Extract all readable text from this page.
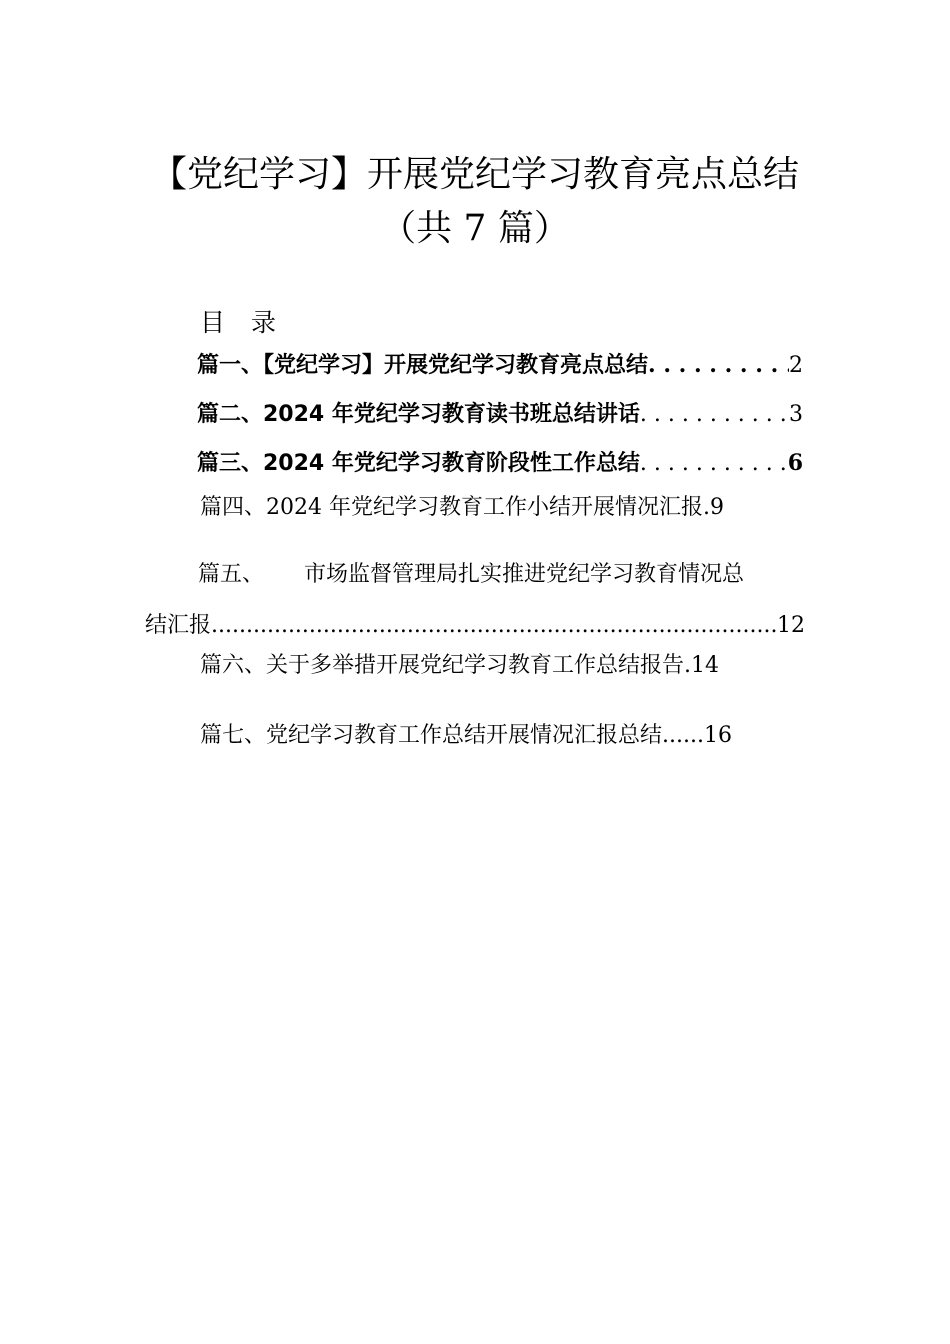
【党纪学习】开展党纪学习教育亮点总结
（共 7 篇）
目录
篇一、【党纪学习】开展党纪学习教育亮点总结 . .	2
篇二、2024 年党纪学习教育读书班总结讲话 . .	3
篇三、2024 年党纪学习教育阶段性工作总结 . .	6
篇四、2024 年党纪学习教育工作小结开展情况汇报 .9
篇五、 市场监督管理局扎实推进党纪学习教育情况总
结汇报 .....	12
篇六、关于多举措开展党纪学习教育工作总结报告 .14
篇七、党纪学习教育工作总结开展情况汇报总结 ......16
